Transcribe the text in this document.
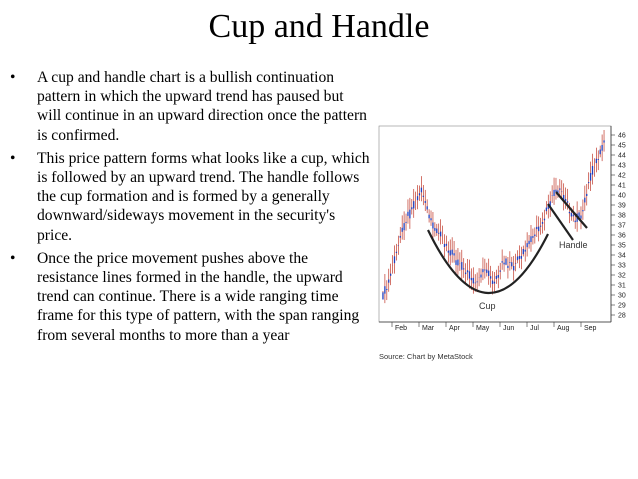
Cup and Handle
• A cup and handle chart is a bullish continuation pattern in which the upward trend has paused but will continue in an upward direction once the pattern is confirmed.
• This price pattern forms what looks like a cup, which is followed by an upward trend. The handle follows the cup formation and is formed by a generally downward/sideways movement in the security's price.
• Once the price movement pushes above the resistance lines formed in the handle, the upward trend can continue. There is a wide ranging time frame for this type of pattern, with the span ranging from several months to more than a year
Cup
Handle
Feb Mar Apr May Jun Jul	Aug Sep
28
29
30
31
32
33
34
35
36
37
38
39
40
41
42
43
44
45
46
Source: Chart by MetaStock
